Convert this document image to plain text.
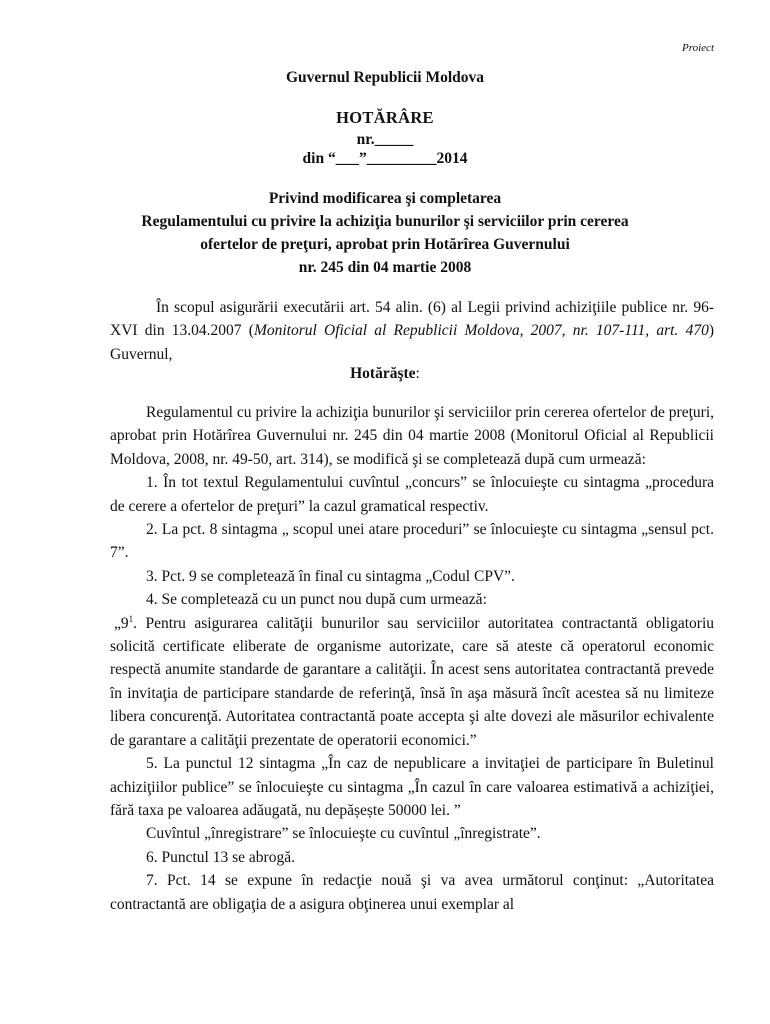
Proiect
Guvernul Republicii Moldova
HOTĂRÂRE
nr._____
din “___”_________2014
Privind modificarea şi completarea
Regulamentului cu privire la achiziţia bunurilor şi serviciilor prin cererea
ofertelor de preţuri, aprobat prin Hotărîrea Guvernului
nr. 245 din 04 martie 2008

În scopul asigurării executării art. 54 alin. (6) al Legii privind achiziţiile publice nr. 96-XVI din 13.04.2007 (Monitorul Oficial al Republicii Moldova, 2007, nr. 107-111, art. 470) Guvernul,

Hotărăşte:

Regulamentul cu privire la achiziţia bunurilor şi serviciilor prin cererea ofertelor de preţuri, aprobat prin Hotărîrea Guvernului nr. 245 din 04 martie 2008 (Monitorul Oficial al Republicii Moldova, 2008, nr. 49-50, art. 314), se modifică şi se completează după cum urmează:

1. În tot textul Regulamentului cuvîntul „concurs” se înlocuieşte cu sintagma „procedura de cerere a ofertelor de preţuri” la cazul gramatical respectiv.

2. La pct. 8 sintagma „ scopul unei atare proceduri” se înlocuieşte cu sintagma „sensul pct. 7”.

3. Pct. 9 se completează în final cu sintagma „Codul CPV”.

4. Se completează cu un punct nou după cum urmează:

$„9^1$. Pentru asigurarea calităţii bunurilor sau serviciilor autoritatea contractantă obligatoriu solicită certificate eliberate de organisme autorizate, care să ateste că operatorul economic respectă anumite standarde de garantare a calităţii. În acest sens autoritatea contractantă prevede în invitaţia de participare standarde de referinţă, însă în aşa măsură încît acestea să nu limiteze libera concurenţă. Autoritatea contractantă poate accepta şi alte dovezi ale măsurilor echivalente de garantare a calităţii prezentate de operatorii economici.”

5. La punctul 12 sintagma „În caz de nepublicare a invitaţiei de participare în Buletinul achiziţiilor publice” se înlocuieşte cu sintagma „În cazul în care valoarea estimativă a achiziţiei, fără taxa pe valoarea adăugată, nu depășește 50000 lei. ”

Cuvîntul „înregistrare” se înlocuieşte cu cuvîntul „înregistrate”.

6. Punctul 13 se abrogă.

7. Pct. 14 se expune în redacţie nouă şi va avea următorul conţinut: „Autoritatea contractantă are obligaţia de a asigura obţinerea unui exemplar al
